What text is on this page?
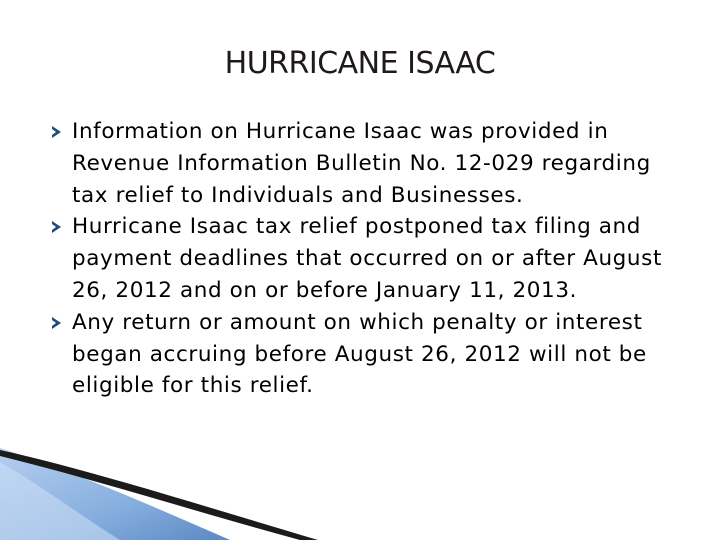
HURRICANE ISAAC
Information on Hurricane Isaac was provided in Revenue Information Bulletin No. 12-029 regarding tax relief to Individuals and Businesses.
Hurricane Isaac tax relief postponed tax filing and payment deadlines that occurred on or after August 26, 2012 and on or before January 11, 2013.
Any return or amount on which penalty or interest began accruing before August 26, 2012 will not be eligible for this relief.
